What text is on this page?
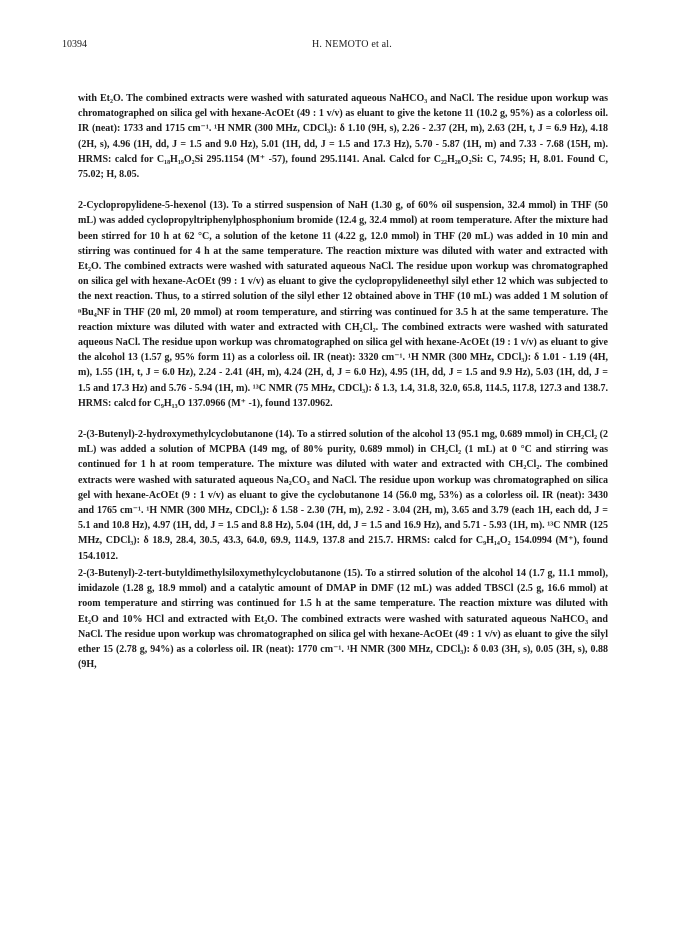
10394	H. NEMOTO et al.

with Et₂O. The combined extracts were washed with saturated aqueous NaHCO₃ and NaCl. The residue upon workup was chromatographed on silica gel with hexane-AcOEt (49 : 1 v/v) as eluant to give the ketone 11 (10.2 g, 95%) as a colorless oil. IR (neat): 1733 and 1715 cm⁻¹. ¹H NMR (300 MHz, CDCl₃): δ 1.10 (9H, s), 2.26 - 2.37 (2H, m), 2.63 (2H, t, J = 6.9 Hz), 4.18 (2H, s), 4.96 (1H, dd, J = 1.5 and 9.0 Hz), 5.01 (1H, dd, J = 1.5 and 17.3 Hz), 5.70 - 5.87 (1H, m) and 7.33 - 7.68 (15H, m). HRMS: calcd for C₁₈H₁₉O₂Si 295.1154 (M⁺ -57), found 295.1141. Anal. Calcd for C₂₂H₂₈O₂Si: C, 74.95; H, 8.01. Found C, 75.02; H, 8.05.

2-Cyclopropylidene-5-hexenol (13). To a stirred suspension of NaH (1.30 g, of 60% oil suspension, 32.4 mmol) in THF (50 mL) was added cyclopropyltriphenylphosphonium bromide (12.4 g, 32.4 mmol) at room temperature. After the mixture had been stirred for 10 h at 62 °C, a solution of the ketone 11 (4.22 g, 12.0 mmol) in THF (20 mL) was added in 10 min and stirring was continued for 4 h at the same temperature. The reaction mixture was diluted with water and extracted with Et₂O. The combined extracts were washed with saturated aqueous NaCl. The residue upon workup was chromatographed on silica gel with hexane-AcOEt (99 : 1 v/v) as eluant to give the cyclopropylideneethyl silyl ether 12 which was subjected to the next reaction. Thus, to a stirred solution of the silyl ether 12 obtained above in THF (10 mL) was added 1 M solution of ⁿBu₄NF in THF (20 ml, 20 mmol) at room temperature, and stirring was continued for 3.5 h at the same temperature. The reaction mixture was diluted with water and extracted with CH₂Cl₂. The combined extracts were washed with saturated aqueous NaCl. The residue upon workup was chromatographed on silica gel with hexane-AcOEt (19 : 1 v/v) as eluant to give the alcohol 13 (1.57 g, 95% form 11) as a colorless oil. IR (neat): 3320 cm⁻¹. ¹H NMR (300 MHz, CDCl₃): δ 1.01 - 1.19 (4H, m), 1.55 (1H, t, J = 6.0 Hz), 2.24 - 2.41 (4H, m), 4.24 (2H, d, J = 6.0 Hz), 4.95 (1H, dd, J = 1.5 and 9.9 Hz), 5.03 (1H, dd, J = 1.5 and 17.3 Hz) and 5.76 - 5.94 (1H, m). ¹³C NMR (75 MHz, CDCl₃): δ 1.3, 1.4, 31.8, 32.0, 65.8, 114.5, 117.8, 127.3 and 138.7. HRMS: calcd for C₉H₁₃O 137.0966 (M⁺ -1), found 137.0962.

2-(3-Butenyl)-2-hydroxymethylcyclobutanone (14). To a stirred solution of the alcohol 13 (95.1 mg, 0.689 mmol) in CH₂Cl₂ (2 mL) was added a solution of MCPBA (149 mg, of 80% purity, 0.689 mmol) in CH₂Cl₂ (1 mL) at 0 °C and stirring was continued for 1 h at room temperature. The mixture was diluted with water and extracted with CH₂Cl₂. The combined extracts were washed with saturated aqueous Na₂CO₃ and NaCl. The residue upon workup was chromatographed on silica gel with hexane-AcOEt (9 : 1 v/v) as eluant to give the cyclobutanone 14 (56.0 mg, 53%) as a colorless oil. IR (neat): 3430 and 1765 cm⁻¹. ¹H NMR (300 MHz, CDCl₃): δ 1.58 - 2.30 (7H, m), 2.92 - 3.04 (2H, m), 3.65 and 3.79 (each 1H, each dd, J = 5.1 and 10.8 Hz), 4.97 (1H, dd, J = 1.5 and 8.8 Hz), 5.04 (1H, dd, J = 1.5 and 16.9 Hz), and 5.71 - 5.93 (1H, m). ¹³C NMR (125 MHz, CDCl₃): δ 18.9, 28.4, 30.5, 43.3, 64.0, 69.9, 114.9, 137.8 and 215.7. HRMS: calcd for C₉H₁₄O₂ 154.0994 (M⁺), found 154.1012.

2-(3-Butenyl)-2-tert-butyldimethylsiloxymethylcyclobutanone (15). To a stirred solution of the alcohol 14 (1.7 g, 11.1 mmol), imidazole (1.28 g, 18.9 mmol) and a catalytic amount of DMAP in DMF (12 mL) was added TBSCl (2.5 g, 16.6 mmol) at room temperature and stirring was continued for 1.5 h at the same temperature. The reaction mixture was diluted with Et₂O and 10% HCl and extracted with Et₂O. The combined extracts were washed with saturated aqueous NaHCO₃ and NaCl. The residue upon workup was chromatographed on silica gel with hexane-AcOEt (49 : 1 v/v) as eluant to give the silyl ether 15 (2.78 g, 94%) as a colorless oil. IR (neat): 1770 cm⁻¹. ¹H NMR (300 MHz, CDCl₃): δ 0.03 (3H, s), 0.05 (3H, s), 0.88 (9H,
